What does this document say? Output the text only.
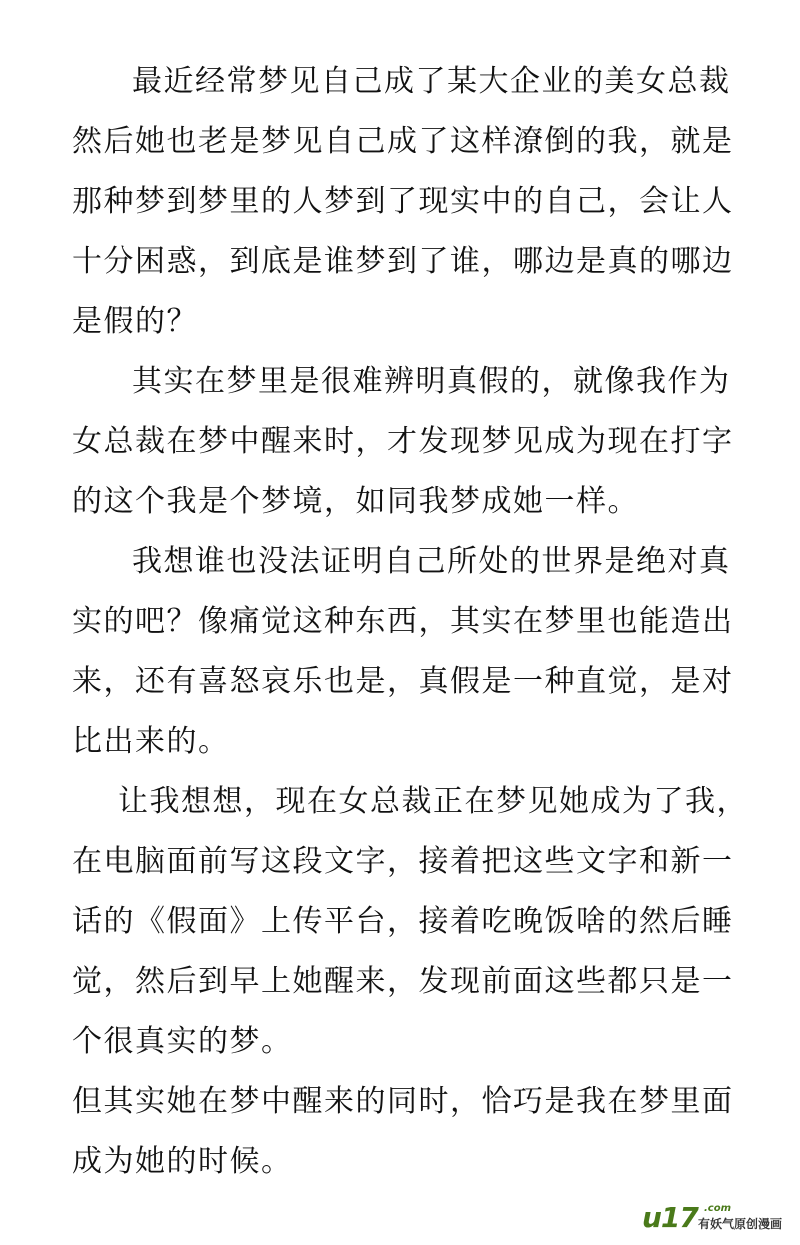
最近经常梦见自己成了某大企业的美女总裁
然后她也老是梦见自己成了这样潦倒的我，就是
那种梦到梦里的人梦到了现实中的自己，会让人
十分困惑，到底是谁梦到了谁，哪边是真的哪边
是假的？
其实在梦里是很难辨明真假的，就像我作为
女总裁在梦中醒来时，才发现梦见成为现在打字
的这个我是个梦境，如同我梦成她一样。
我想谁也没法证明自己所处的世界是绝对真
实的吧？像痛觉这种东西，其实在梦里也能造出
来，还有喜怒哀乐也是，真假是一种直觉，是对
比出来的。
让我想想，现在女总裁正在梦见她成为了我，
在电脑面前写这段文字，接着把这些文字和新一
话的《假面》上传平台，接着吃晚饭啥的然后睡
觉，然后到早上她醒来，发现前面这些都只是一
个很真实的梦。
但其实她在梦中醒来的同时，恰巧是我在梦里面
成为她的时候。
u17 .com
有妖气原创漫画
